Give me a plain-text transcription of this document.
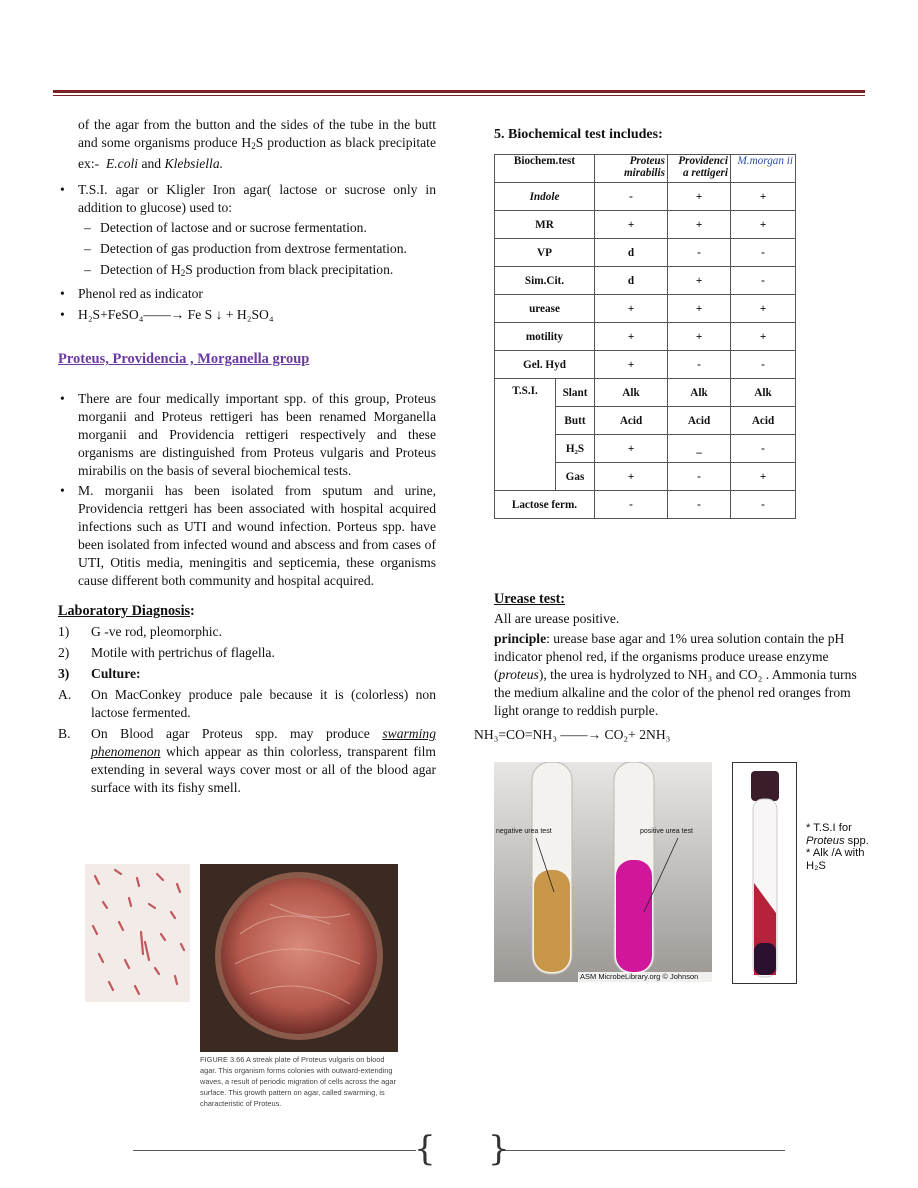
of the agar from the button and the sides of the tube in the butt and some organisms produce $H_2S$ production as black precipitate ex:- E.coli and Klebsiella.

• T.S.I. agar or Kligler Iron agar( lactose or sucrose only in addition to glucose) used to:

– Detection of lactose and or sucrose fermentation.

– Detection of gas production from dextrose fermentation.

– Detection of $H_2S$ production from black precipitation.

• Phenol red as indicator

• H₂S+FeSO₄——→ Fe S ↓ + H₂SO₄

Proteus, Providencia , Morganella group

• There are four medically important spp. of this group, Proteus morganii and Proteus rettigeri has been renamed Morganella morganii and Providencia rettigeri respectively and these organisms are distinguished from Proteus vulgaris and Proteus mirabilis on the basis of several biochemical tests.

• M. morganii has been isolated from sputum and urine, Providencia rettgeri has been associated with hospital acquired infections such as UTI and wound infection. Porteus spp. have been isolated from infected wound and abscess and from cases of UTI, Otitis media, meningitis and septicemia, these organisms cause different both community and hospital acquired.

Laboratory Diagnosis:

1) G -ve rod, pleomorphic.

2) Motile with pertrichus of flagella.

3) Culture:

A. On MacConkey produce pale because it is (colorless) non lactose fermented.

B. On Blood agar Proteus spp. may produce swarming phenomenon which appear as thin colorless, transparent film extending in several ways cover most or all of the blood agar surface with its fishy smell.

FIGURE 3.66 A streak plate of Proteus vulgaris on blood agar. This organism forms colonies with outward-extending waves, a result of periodic migration of cells across the agar surface. This growth pattern on agar, called swarming, is characteristic of Proteus.

5. Biochemical test includes:

Biochem.test		Proteus mirabilis	Providenci a rettigeri	M.morgan ii
Indole		-	+	+
MR		+	+	+
VP		d	-	-
Sim.Cit.		d	+	-
urease		+	+	+
motility		+	+	+
Gel. Hyd		+	-	-
T.S.I.	Slant	Alk	Alk	Alk
	Butt	Acid	Acid	Acid
	H₂S	+	_	-
	Gas	+	-	+
Lactose ferm.		-	-	-

Urease test:

All are urease positive.

principle: urease base agar and 1% urea solution contain the pH indicator phenol red, if the organisms produce urease enzyme (proteus), the urea is hydrolyzed to NH₃ and CO₂ . Ammonia turns the medium alkaline and the color of the phenol red oranges from light orange to reddish purple.

NH₃=CO=NH₃ ——→ CO₂+ 2NH₃

negative urea test	positive urea test
ASM MicrobeLibrary.org © Johnson
* T.S.I for
Proteus spp.
* Alk /A with H₂S
{ }
